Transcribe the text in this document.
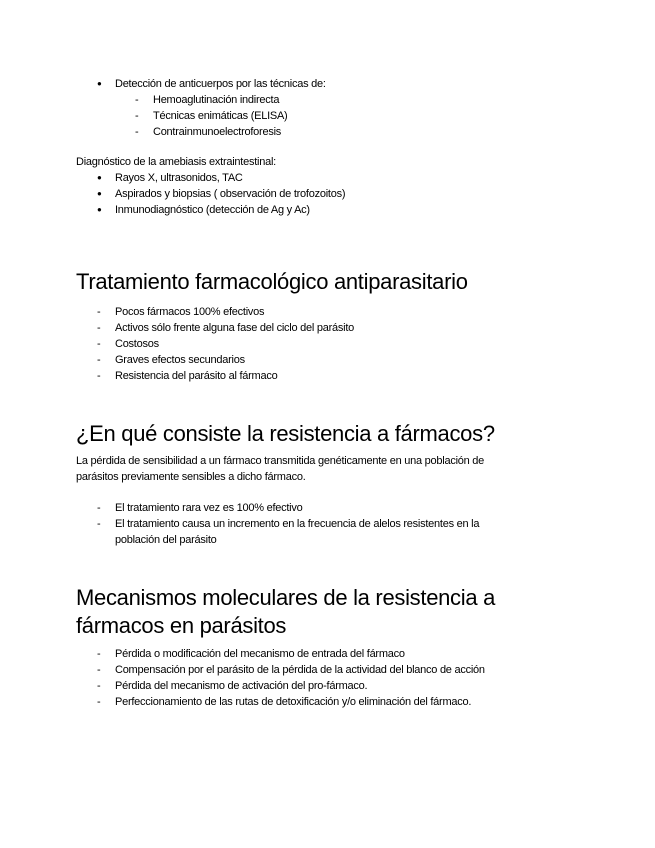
● Detección de anticuerpos por las técnicas de:
- Hemoaglutinación indirecta
- Técnicas enimáticas (ELISA)
- Contrainmunoelectroforesis
Diagnóstico de la amebiasis extraintestinal:
● Rayos X, ultrasonidos, TAC
● Aspirados y biopsias ( observación de trofozoitos)
● Inmunodiagnóstico (detección de Ag y Ac)
Tratamiento farmacológico antiparasitario
- Pocos fármacos 100% efectivos
- Activos sólo frente alguna fase del ciclo del parásito
- Costosos
- Graves efectos secundarios
- Resistencia del parásito al fármaco
¿En qué consiste la resistencia a fármacos?
La pérdida de sensibilidad a un fármaco transmitida genéticamente en una población de
parásitos previamente sensibles a dicho fármaco.
- El tratamiento rara vez es 100% efectivo
- El tratamiento causa un incremento en la frecuencia de alelos resistentes en la
población del parásito
Mecanismos moleculares de la resistencia a
fármacos en parásitos
- Pérdida o modificación del mecanismo de entrada del fármaco
- Compensación por el parásito de la pérdida de la actividad del blanco de acción
- Pérdida del mecanismo de activación del pro-fármaco.
- Perfeccionamiento de las rutas de detoxificación y/o eliminación del fármaco.
